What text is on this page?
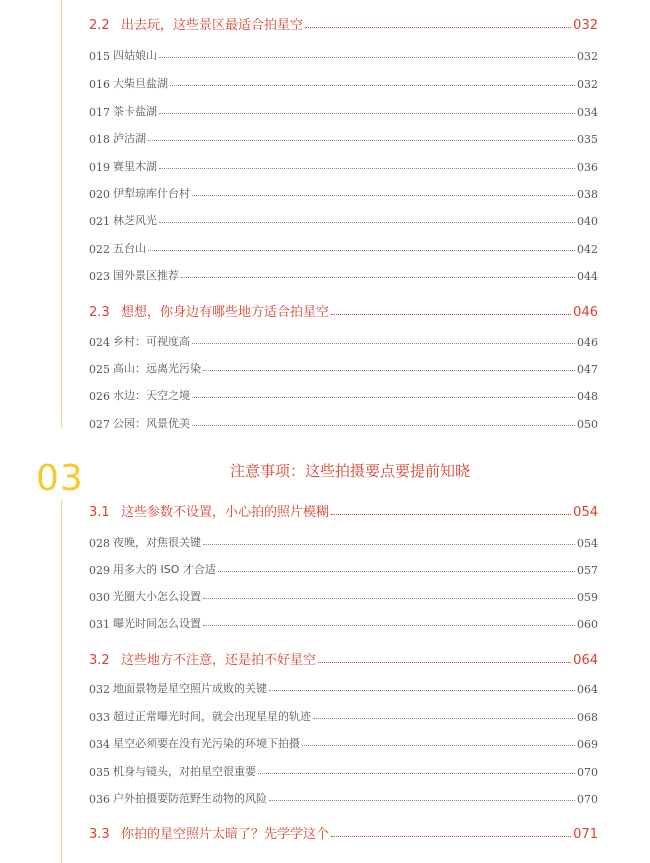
2.2 出去玩，这些景区最适合拍星空	032
015 四姑娘山	032
016 大柴旦盐湖	032
017 茶卡盐湖	034
018 泸沽湖	035
019 赛里木湖	036
020 伊犁琼库什台村	038
021 林芝风光	040
022 五台山	042
023 国外景区推荐	044
2.3 想想，你身边有哪些地方适合拍星空	046
024 乡村：可视度高	046
025 高山：远离光污染	047
026 水边：天空之境	048
027 公园：风景优美	050
03	注意事项：这些拍摄要点要提前知晓
3.1 这些参数不设置，小心拍的照片模糊	054
028 夜晚，对焦很关键	054
029 用多大的 ISO 才合适	057
030 光圈大小怎么设置	059
031 曝光时间怎么设置	060
3.2 这些地方不注意，还是拍不好星空	064
032 地面景物是星空照片成败的关键	064
033 超过正常曝光时间，就会出现星星的轨迹	068
034 星空必须要在没有光污染的环境下拍摄	069
035 机身与镜头，对拍星空很重要	070
036 户外拍摄要防范野生动物的风险	070
3.3 你拍的星空照片太暗了？先学学这个	071
